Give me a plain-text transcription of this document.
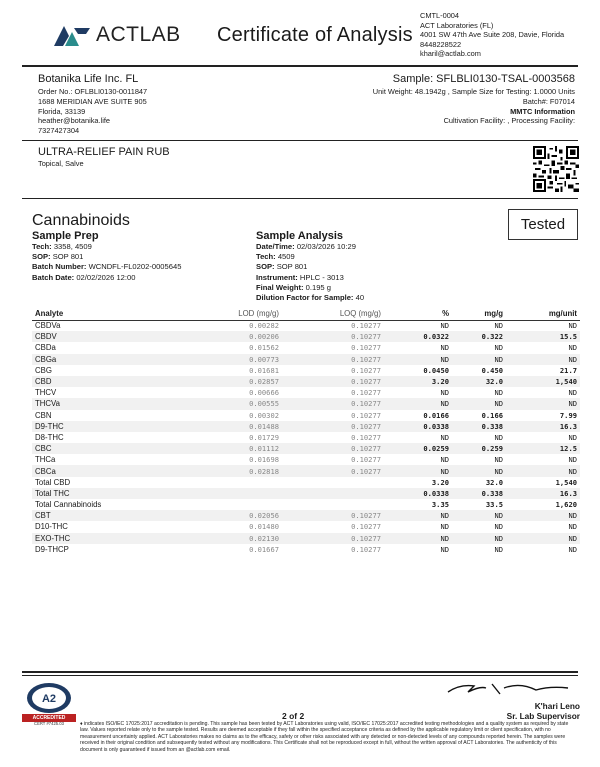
ACTLAB Certificate of Analysis
CMTL-0004
ACT Laboratories (FL)
4001 SW 47th Ave Suite 208, Davie, Florida
8448228522
kharil@actlab.com
Botanika Life Inc. FL
Order No.: OFLBLI0130-0011847
1688 MERIDIAN AVE SUITE 905
Florida, 33139
heather@botanika.life
7327427304
Sample: SFLBLI0130-TSAL-0003568
Unit Weight: 48.1942g , Sample Size for Testing: 1.0000 Units
Batch#: F07014
MMTC Information
Cultivation Facility: , Processing Facility:
ULTRA-RELIEF PAIN RUB
Topical, Salve
Cannabinoids	Tested
Sample Prep
Tech: 3358, 4509
SOP: SOP 801
Batch Number: WCNDFL-FL0202-0005645
Batch Date: 02/02/2026 12:00
Sample Analysis
Date/Time: 02/03/2026 10:29
Tech: 4509
SOP: SOP 801
Instrument: HPLC - 3013
Final Weight: 0.195 g
Dilution Factor for Sample: 40
Analyte	LOD (mg/g)	LOQ (mg/g)	%	mg/g	mg/unit
CBDVa	0.00282	0.10277	ND	ND	ND
CBDV	0.00206	0.10277	0.0322	0.322	15.5
CBDa	0.01562	0.10277	ND	ND	ND
CBGa	0.00773	0.10277	ND	ND	ND
CBG	0.01681	0.10277	0.0450	0.450	21.7
CBD	0.02857	0.10277	3.20	32.0	1,540
THCV	0.00666	0.10277	ND	ND	ND
THCVa	0.00555	0.10277	ND	ND	ND
CBN	0.00302	0.10277	0.0166	0.166	7.99
D9-THC	0.01488	0.10277	0.0338	0.338	16.3
D8-THC	0.01729	0.10277	ND	ND	ND
CBC	0.01112	0.10277	0.0259	0.259	12.5
THCa	0.01698	0.10277	ND	ND	ND
CBCa	0.02818	0.10277	ND	ND	ND
Total CBD			3.20	32.0	1,540
Total THC			0.0338	0.338	16.3
Total Cannabinoids			3.35	33.5	1,620
CBT	0.02056	0.10277	ND	ND	ND
D10-THC	0.01480	0.10277	ND	ND	ND
EXO-THC	0.02130	0.10277	ND	ND	ND
D9-THCP	0.01667	0.10277	ND	ND	ND
A2
ACCREDITED	2 of 2
K'hari Leno
Sr. Lab Supervisor
♦ indicates ISO/IEC 17025:2017 accreditation is pending. This sample has been tested by ACT Laboratories using valid, ISO/IEC 17025:2017 accredited testing methodologies and a quality system as required by state law. Values reported relate only to the sample tested. Results are deemed acceptable if they fall within the specified acceptance criteria as defined by the applicable regulatory limit or client specification, with no measurement uncertainty applied. ACT Laboratories makes no claims as to the efficacy, safety or other risks associated with any detected or non-detected levels of any compounds reported herein. The samples were received in their original condition and subsequently tested without any modifications. This Certificate shall not be reproduced except in full, without the written approval of ACT Laboratories. The authenticity of this document is only guaranteed if issued from an @actlab.com email.
CERT #7425.03
